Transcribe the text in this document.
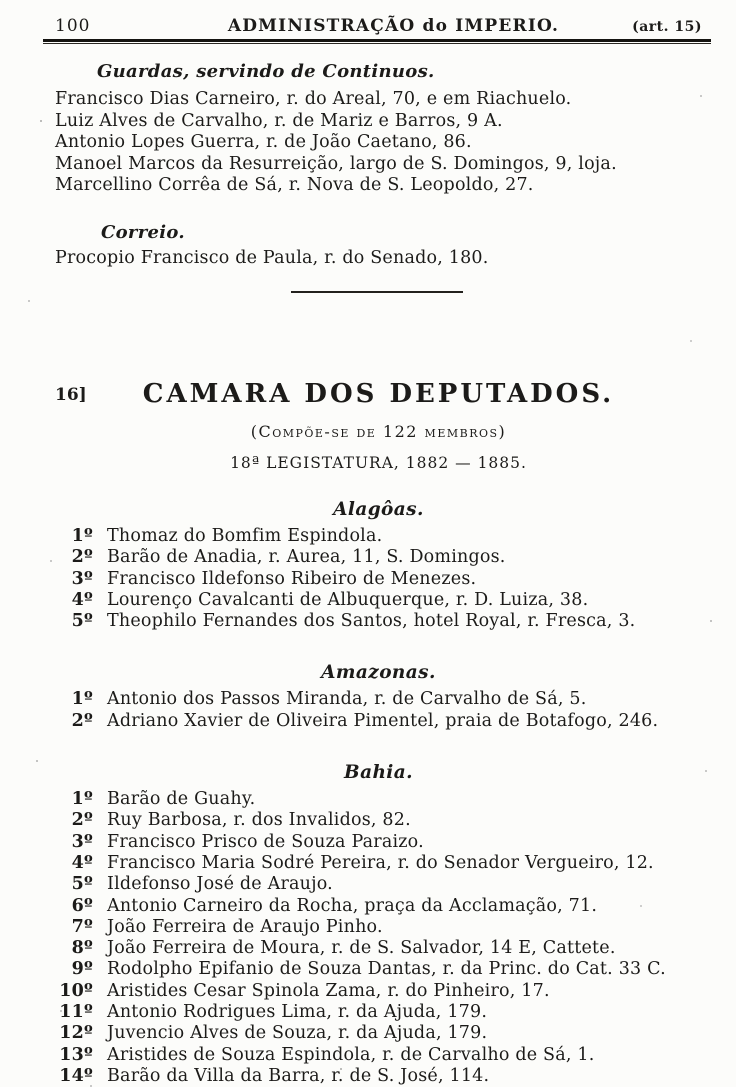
100	ADMINISTRAÇÃO do IMPERIO.	(art. 15)
Guardas, servindo de Continuos.
Francisco Dias Carneiro, r. do Areal, 70, e em Riachuelo.
Luiz Alves de Carvalho, r. de Mariz e Barros, 9 A.
Antonio Lopes Guerra, r. de João Caetano, 86.
Manoel Marcos da Resurreição, largo de S. Domingos, 9, loja.
Marcellino Corrêa de Sá, r. Nova de S. Leopoldo, 27.
Correio.
Procopio Francisco de Paula, r. do Senado, 180.
16] CAMARA DOS DEPUTADOS.
(Compõe-se de 122 membros)
18ª LEGISTATURA, 1882 — 1885.
Alagôas.
1º Thomaz do Bomfim Espindola.
2º Barão de Anadia, r. Aurea, 11, S. Domingos.
3º Francisco Ildefonso Ribeiro de Menezes.
4º Lourenço Cavalcanti de Albuquerque, r. D. Luiza, 38.
5º Theophilo Fernandes dos Santos, hotel Royal, r. Fresca, 3.
Amazonas.
1º Antonio dos Passos Miranda, r. de Carvalho de Sá, 5.
2º Adriano Xavier de Oliveira Pimentel, praia de Botafogo, 246.
Bahia.
1º Barão de Guahy.
2º Ruy Barbosa, r. dos Invalidos, 82.
3º Francisco Prisco de Souza Paraizo.
4º Francisco Maria Sodré Pereira, r. do Senador Vergueiro, 12.
5º Ildefonso José de Araujo.
6º Antonio Carneiro da Rocha, praça da Acclamação, 71.
7º João Ferreira de Araujo Pinho.
8º João Ferreira de Moura, r. de S. Salvador, 14 E, Cattete.
9º Rodolpho Epifanio de Souza Dantas, r. da Princ. do Cat. 33 C.
10º Aristides Cesar Spinola Zama, r. do Pinheiro, 17.
11º Antonio Rodrigues Lima, r. da Ajuda, 179.
12º Juvencio Alves de Souza, r. da Ajuda, 179.
13º Aristides de Souza Espindola, r. de Carvalho de Sá, 1.
14º Barão da Villa da Barra, r. de S. José, 114.
